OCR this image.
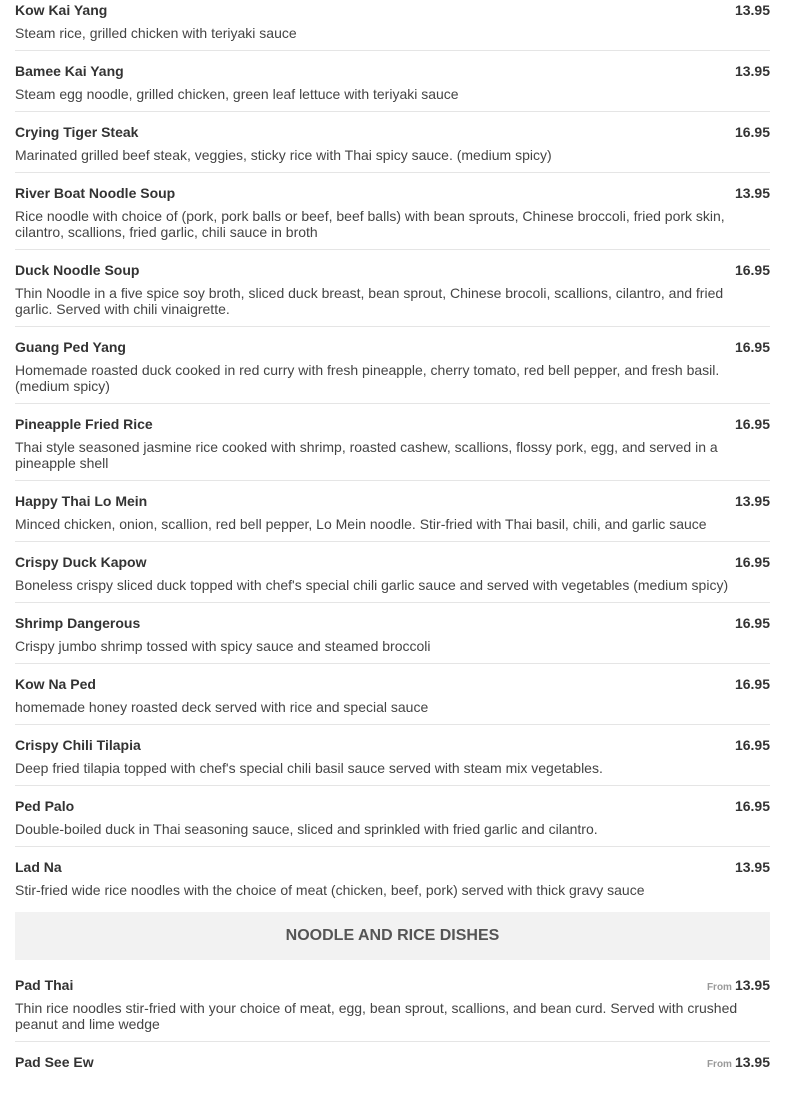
Kow Kai Yang	13.95
Steam rice, grilled chicken with teriyaki sauce
Bamee Kai Yang	13.95
Steam egg noodle, grilled chicken, green leaf lettuce with teriyaki sauce
Crying Tiger Steak	16.95
Marinated grilled beef steak, veggies, sticky rice with Thai spicy sauce. (medium spicy)
River Boat Noodle Soup	13.95
Rice noodle with choice of (pork, pork balls or beef, beef balls) with bean sprouts, Chinese broccoli, fried pork skin, cilantro, scallions, fried garlic, chili sauce in broth
Duck Noodle Soup	16.95
Thin Noodle in a five spice soy broth, sliced duck breast, bean sprout, Chinese brocoli, scallions, cilantro, and fried garlic. Served with chili vinaigrette.
Guang Ped Yang	16.95
Homemade roasted duck cooked in red curry with fresh pineapple, cherry tomato, red bell pepper, and fresh basil. (medium spicy)
Pineapple Fried Rice	16.95
Thai style seasoned jasmine rice cooked with shrimp, roasted cashew, scallions, flossy pork, egg, and served in a pineapple shell
Happy Thai Lo Mein	13.95
Minced chicken, onion, scallion, red bell pepper, Lo Mein noodle. Stir-fried with Thai basil, chili, and garlic sauce
Crispy Duck Kapow	16.95
Boneless crispy sliced duck topped with chef's special chili garlic sauce and served with vegetables (medium spicy)
Shrimp Dangerous	16.95
Crispy jumbo shrimp tossed with spicy sauce and steamed broccoli
Kow Na Ped	16.95
homemade honey roasted deck served with rice and special sauce
Crispy Chili Tilapia	16.95
Deep fried tilapia topped with chef's special chili basil sauce served with steam mix vegetables.
Ped Palo	16.95
Double-boiled duck in Thai seasoning sauce, sliced and sprinkled with fried garlic and cilantro.
Lad Na	13.95
Stir-fried wide rice noodles with the choice of meat (chicken, beef, pork) served with thick gravy sauce
NOODLE AND RICE DISHES
Pad Thai	From 13.95
Thin rice noodles stir-fried with your choice of meat, egg, bean sprout, scallions, and bean curd. Served with crushed peanut and lime wedge
Pad See Ew	From 13.95
